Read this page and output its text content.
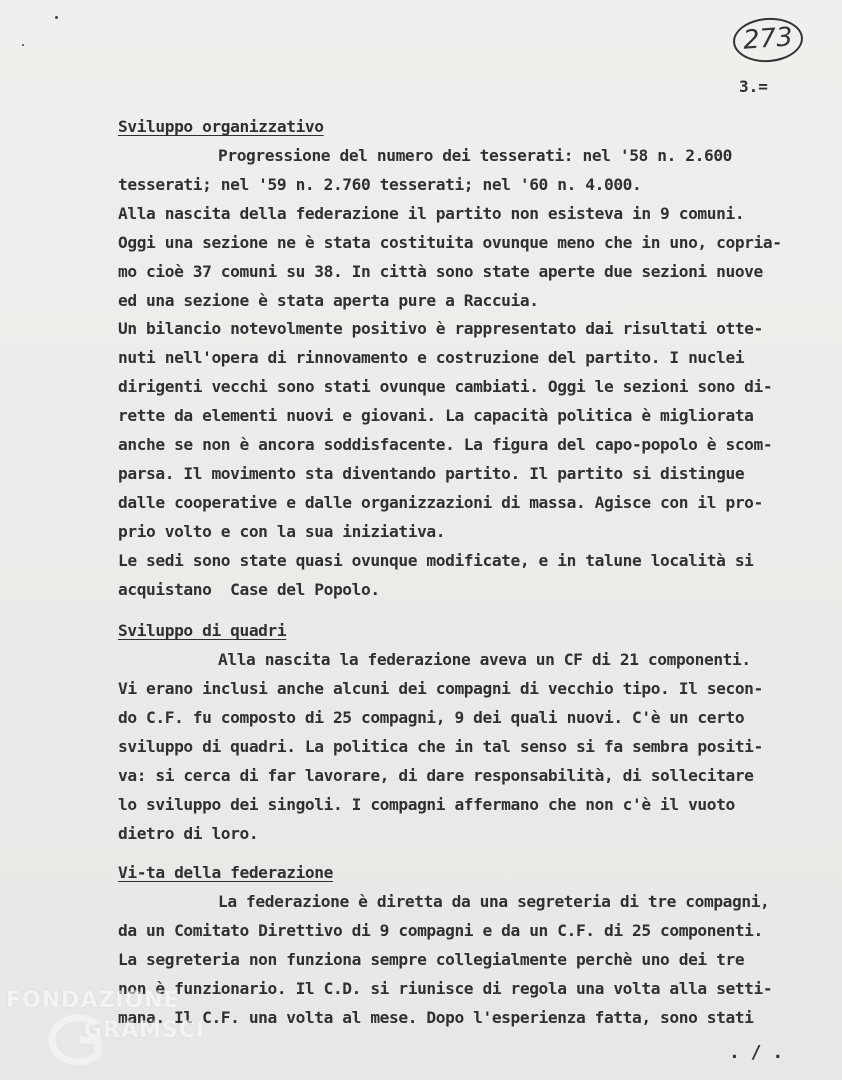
273
3.=
Sviluppo organizzativo
Progressione del numero dei tesserati: nel '58 n. 2.600
tesserati; nel '59 n. 2.760 tesserati; nel '60 n. 4.000.
Alla nascita della federazione il partito non esisteva in 9 comuni.
Oggi una sezione ne è stata costituita ovunque meno che in uno, copria-
mo cioè 37 comuni su 38. In città sono state aperte due sezioni nuove
ed una sezione è stata aperta pure a Raccuia.
Un bilancio notevolmente positivo è rappresentato dai risultati otte-
nuti nell'opera di rinnovamento e costruzione del partito. I nuclei
dirigenti vecchi sono stati ovunque cambiati. Oggi le sezioni sono di-
rette da elementi nuovi e giovani. La capacità politica è migliorata
anche se non è ancora soddisfacente. La figura del capo-popolo è scom-
parsa. Il movimento sta diventando partito. Il partito si distingue
dalle cooperative e dalle organizzazioni di massa. Agisce con il pro-
prio volto e con la sua iniziativa.
Le sedi sono state quasi ovunque modificate, e in talune località si
acquistano  Case del Popolo.
Sviluppo di quadri
Alla nascita la federazione aveva un CF di 21 componenti.
Vi erano inclusi anche alcuni dei compagni di vecchio tipo. Il secon-
do C.F. fu composto di 25 compagni, 9 dei quali nuovi. C'è un certo
sviluppo di quadri. La politica che in tal senso si fa sembra positi-
va: si cerca di far lavorare, di dare responsabilità, di sollecitare
lo sviluppo dei singoli. I compagni affermano che non c'è il vuoto
dietro di loro.
Vi-ta della federazione
La federazione è diretta da una segreteria di tre compagni,
da un Comitato Direttivo di 9 compagni e da un C.F. di 25 componenti.
La segreteria non funziona sempre collegialmente perchè uno dei tre
non è funzionario. Il C.D. si riunisce di regola una volta alla setti-
mana. Il C.F. una volta al mese. Dopo l'esperienza fatta, sono stati
. / .
FONDAZIONE
GRAMSCI
